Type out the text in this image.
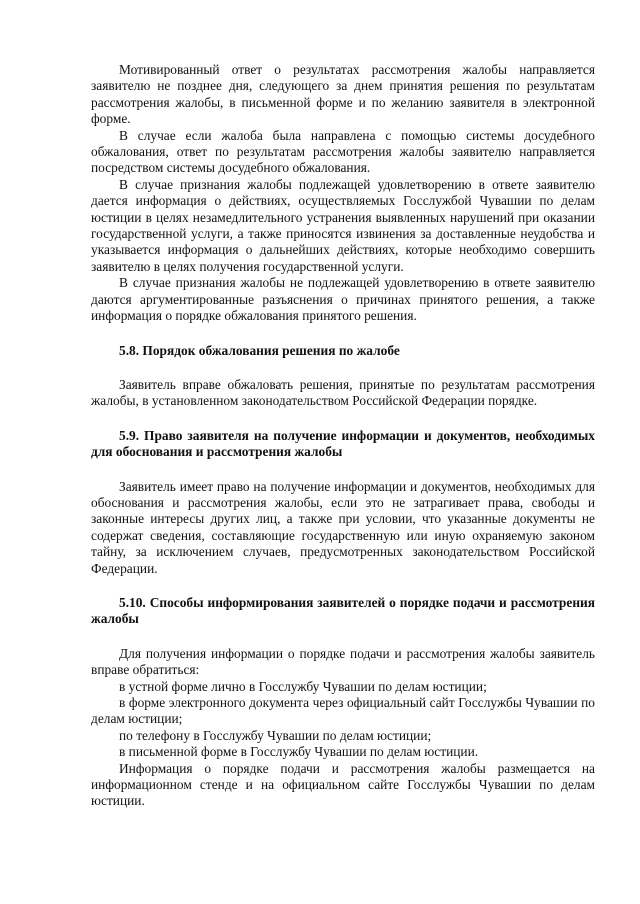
Мотивированный ответ о результатах рассмотрения жалобы направляется заявителю не позднее дня, следующего за днем принятия решения по результатам рассмотрения жалобы, в письменной форме и по желанию заявителя в электронной форме.

В случае если жалоба была направлена с помощью системы досудебного обжалования, ответ по результатам рассмотрения жалобы заявителю направляется посредством системы досудебного обжалования.

В случае признания жалобы подлежащей удовлетворению в ответе заявителю дается информация о действиях, осуществляемых Госслужбой Чувашии по делам юстиции в целях незамедлительного устранения выявленных нарушений при оказании государственной услуги, а также приносятся извинения за доставленные неудобства и указывается информация о дальнейших действиях, которые необходимо совершить заявителю в целях получения государственной услуги.

В случае признания жалобы не подлежащей удовлетворению в ответе заявителю даются аргументированные разъяснения о причинах принятого решения, а также информация о порядке обжалования принятого решения.

5.8. Порядок обжалования решения по жалобе

Заявитель вправе обжаловать решения, принятые по результатам рассмотрения жалобы, в установленном законодательством Российской Федерации порядке.

5.9. Право заявителя на получение информации и документов, необходимых для обоснования и рассмотрения жалобы

Заявитель имеет право на получение информации и документов, необходимых для обоснования и рассмотрения жалобы, если это не затрагивает права, свободы и законные интересы других лиц, а также при условии, что указанные документы не содержат сведения, составляющие государственную или иную охраняемую законом тайну, за исключением случаев, предусмотренных законодательством Российской Федерации.

5.10. Способы информирования заявителей о порядке подачи и рассмотрения жалобы

Для получения информации о порядке подачи и рассмотрения жалобы заявитель вправе обратиться:

в устной форме лично в Госслужбу Чувашии по делам юстиции;

в форме электронного документа через официальный сайт Госслужбы Чувашии по делам юстиции;

по телефону в Госслужбу Чувашии по делам юстиции;

в письменной форме в Госслужбу Чувашии по делам юстиции.

Информация о порядке подачи и рассмотрения жалобы размещается на информационном стенде и на официальном сайте Госслужбы Чувашии по делам юстиции.
